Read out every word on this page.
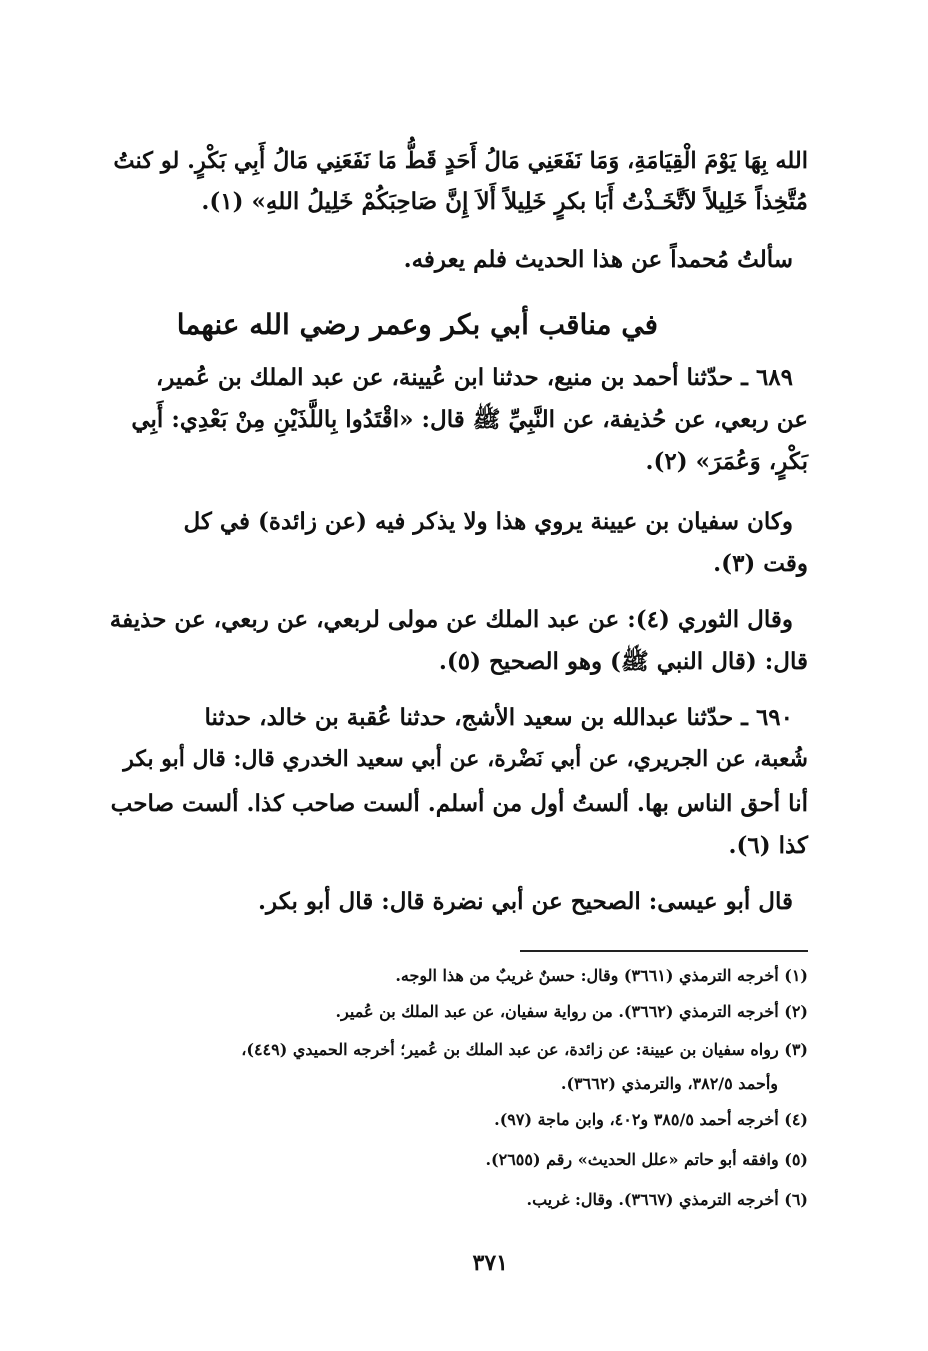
الله بِهَا يَوْمَ الْقِيَامَةِ، وَمَا نَفَعَنِي مَالُ أَحَدٍ قَطُّ مَا نَفَعَنِي مَالُ أَبِي بَكْرٍ. لو كنتُ
مُتَّخِذاً خَلِيلاً لاَتَّخَـذْتُ أَبَا بكرٍ خَلِيلاً أَلاَ إِنَّ صَاحِبَكُمْ خَلِيلُ اللهِ» (١).
سألتُ مُحمداً عن هذا الحديث فلم يعرفه.
في مناقب أبي بكر وعمر رضي الله عنهما
٦٨٩ ـ حدّثنا أحمد بن منيع، حدثنا ابن عُيينة، عن عبد الملك بن عُمير،
عن ربعي، عن حُذيفة، عن النَّبِيِّ ﷺ قال: «اقْتَدُوا بِاللَّذَيْنِ مِنْ بَعْدِي: أَبِي
بَكْرٍ، وَعُمَرَ» (٢).
وكان سفيان بن عيينة يروي هذا ولا يذكر فيه (عن زائدة) في كل
وقت (٣).
وقال الثوري (٤): عن عبد الملك عن مولى لربعي، عن ربعي، عن حذيفة
قال: (قال النبي ﷺ) وهو الصحيح (٥).
٦٩٠ ـ حدّثنا عبدالله بن سعيد الأشج، حدثنا عُقبة بن خالد، حدثنا
شُعبة، عن الجريري، عن أبي نَضْرة، عن أبي سعيد الخدري قال: قال أبو بكر
أنا أحق الناس بها. ألستُ أول من أسلم. ألست صاحب كذا. ألست صاحب
كذا (٦).
قال أبو عيسى: الصحيح عن أبي نضرة قال: قال أبو بكر.
(١) أخرجه الترمذي (٣٦٦١) وقال: حسنٌ غريبٌ من هذا الوجه.
(٢) أخرجه الترمذي (٣٦٦٢). من رواية سفيان، عن عبد الملك بن عُمير.
(٣) رواه سفيان بن عيينة: عن زائدة، عن عبد الملك بن عُمير؛ أخرجه الحميدي (٤٤٩)،
وأحمد ٣٨٢/٥، والترمذي (٣٦٦٢).
(٤) أخرجه أحمد ٣٨٥/٥ و٤٠٢، وابن ماجة (٩٧).
(٥) وافقه أبو حاتم «علل الحديث» رقم (٢٦٥٥).
(٦) أخرجه الترمذي (٣٦٦٧). وقال: غريب.
٣٧١
